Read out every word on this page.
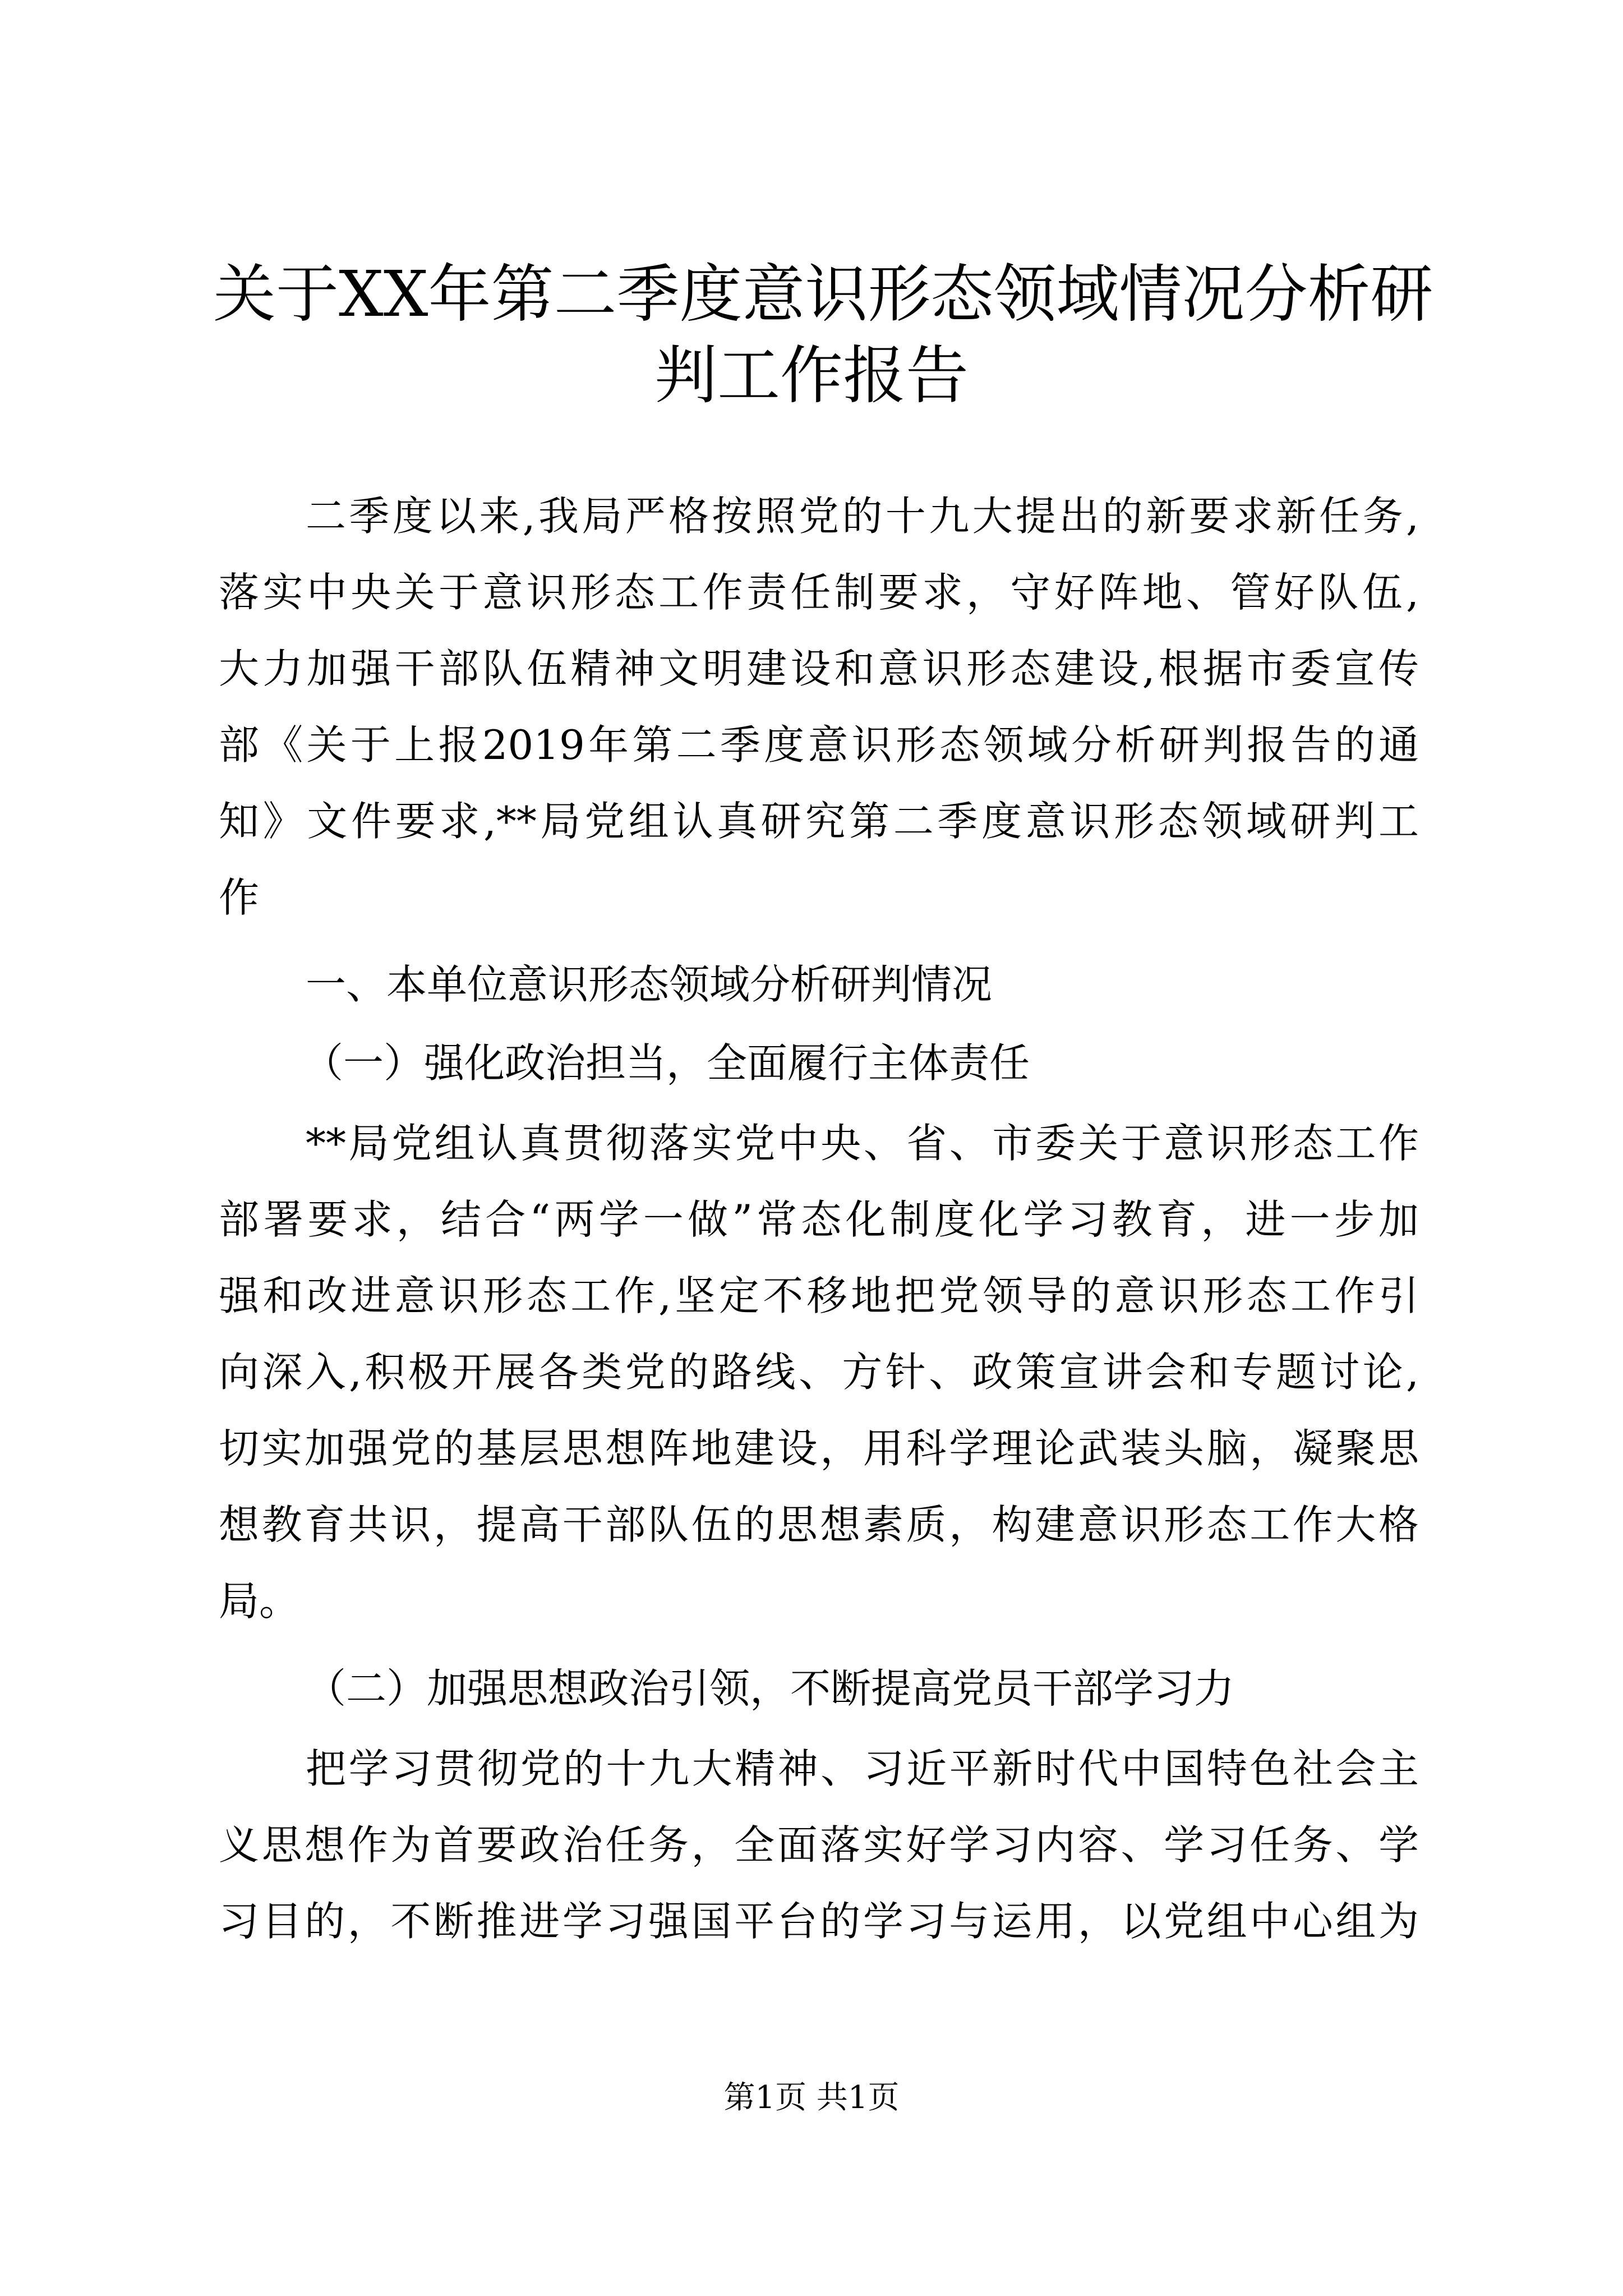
关于XX年第二季度意识形态领域情况分析研
判工作报告

二季度以来,我局严格按照党的十九大提出的新要求新任务,

落实中央关于意识形态工作责任制要求，守好阵地、管好队伍,

大力加强干部队伍精神文明建设和意识形态建设,根据市委宣传

部《关于上报2019年第二季度意识形态领域分析研判报告的通

知》文件要求,**局党组认真研究第二季度意识形态领域研判工

作

一、本单位意识形态领域分析研判情况

（一）强化政治担当，全面履行主体责任

**局党组认真贯彻落实党中央、省、市委关于意识形态工作

部署要求，结合“两学一做”常态化制度化学习教育，进一步加

强和改进意识形态工作,坚定不移地把党领导的意识形态工作引

向深入,积极开展各类党的路线、方针、政策宣讲会和专题讨论,

切实加强党的基层思想阵地建设，用科学理论武装头脑，凝聚思

想教育共识，提高干部队伍的思想素质，构建意识形态工作大格

局。

（二）加强思想政治引领，不断提高党员干部学习力

把学习贯彻党的十九大精神、习近平新时代中国特色社会主

义思想作为首要政治任务，全面落实好学习内容、学习任务、学

习目的，不断推进学习强国平台的学习与运用，以党组中心组为

第1页 共1页
